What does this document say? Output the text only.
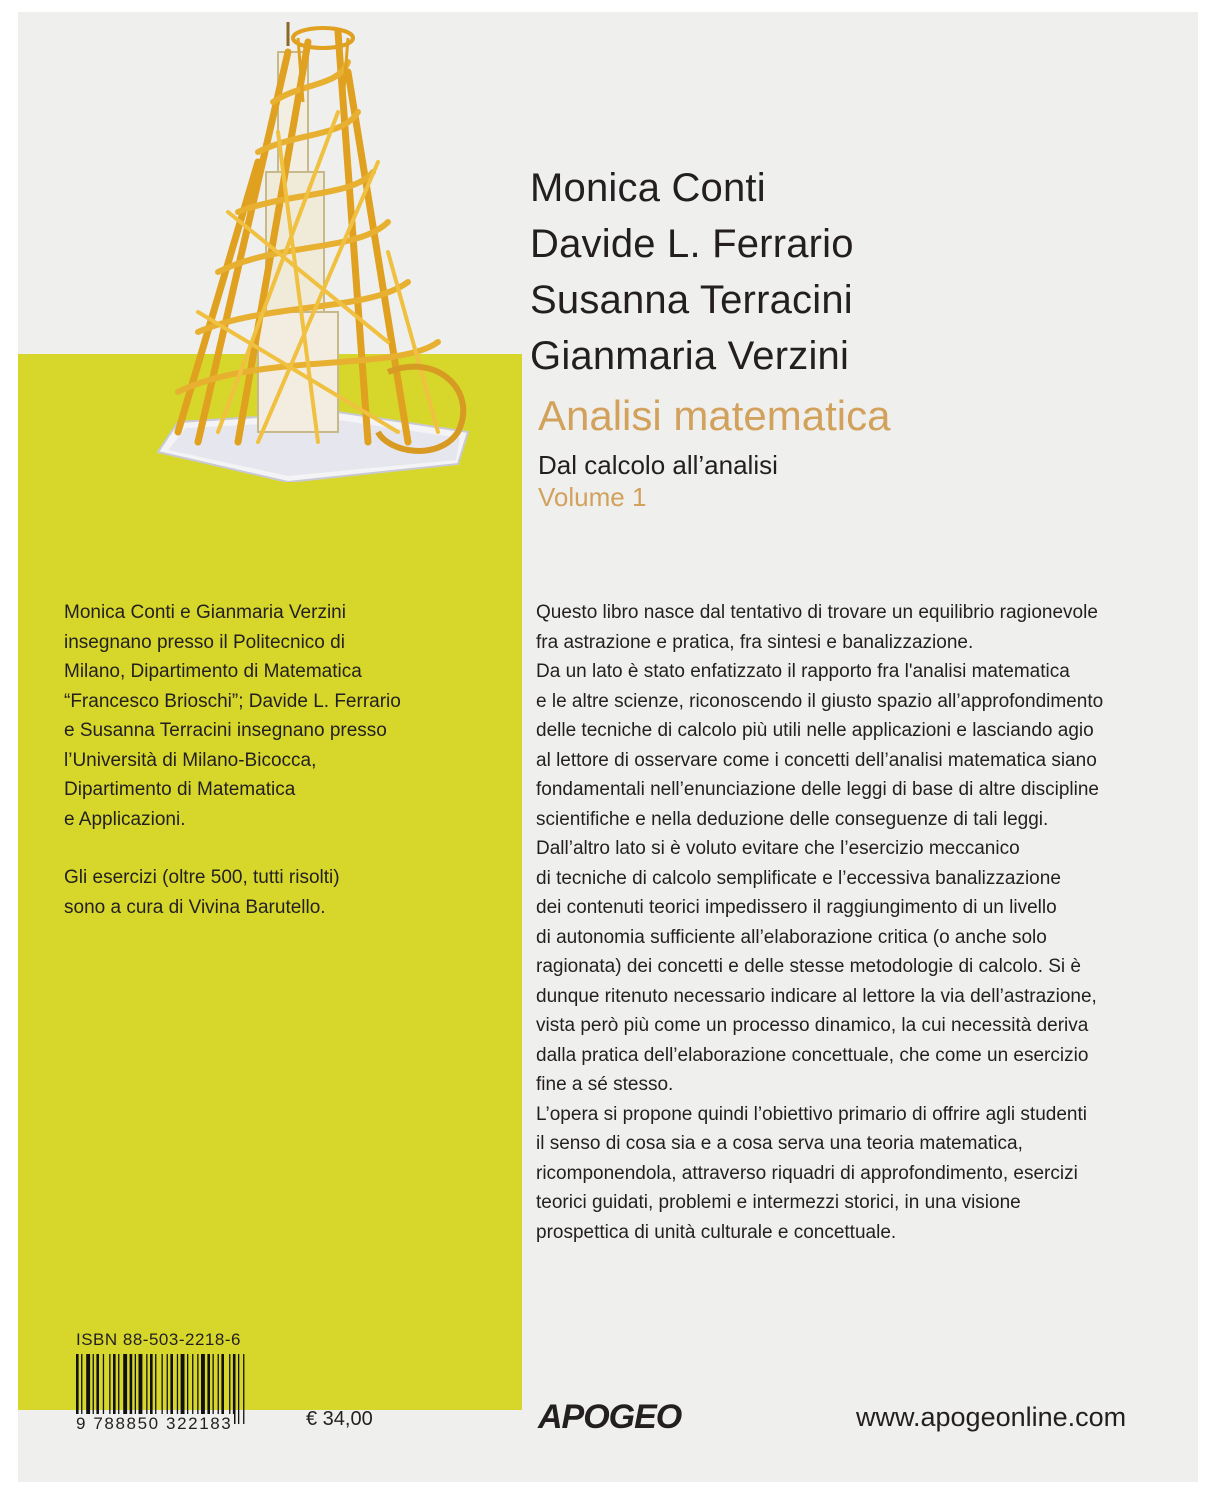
Monica Conti
Davide L. Ferrario
Susanna Terracini
Gianmaria Verzini
Analisi matematica
Dal calcolo all’analisi
Volume 1

Monica Conti e Gianmaria Verzini

insegnano presso il Politecnico di

Milano, Dipartimento di Matematica

“Francesco Brioschi”; Davide L. Ferrario

e Susanna Terracini insegnano presso

l’Università di Milano-Bicocca,

Dipartimento di Matematica

e Applicazioni.

Gli esercizi (oltre 500, tutti risolti)

sono a cura di Vivina Barutello.

Questo libro nasce dal tentativo di trovare un equilibrio ragionevole

fra astrazione e pratica, fra sintesi e banalizzazione.

Da un lato è stato enfatizzato il rapporto fra l'analisi matematica

e le altre scienze, riconoscendo il giusto spazio all’approfondimento

delle tecniche di calcolo più utili nelle applicazioni e lasciando agio

al lettore di osservare come i concetti dell’analisi matematica siano

fondamentali nell’enunciazione delle leggi di base di altre discipline

scientifiche e nella deduzione delle conseguenze di tali leggi.

Dall’altro lato si è voluto evitare che l’esercizio meccanico

di tecniche di calcolo semplificate e l’eccessiva banalizzazione

dei contenuti teorici impedissero il raggiungimento di un livello

di autonomia sufficiente all’elaborazione critica (o anche solo

ragionata) dei concetti e delle stesse metodologie di calcolo. Si è

dunque ritenuto necessario indicare al lettore la via dell’astrazione,

vista però più come un processo dinamico, la cui necessità deriva

dalla pratica dell’elaborazione concettuale, che come un esercizio

fine a sé stesso.

L’opera si propone quindi l’obiettivo primario di offrire agli studenti

il senso di cosa sia e a cosa serva una teoria matematica,

ricomponendola, attraverso riquadri di approfondimento, esercizi

teorici guidati, problemi e intermezzi storici, in una visione

prospettica di unità culturale e concettuale.

ISBN 88-503-2218-6
9 788850 322183	€ 34,00	APOGEO	www.apogeonline.com
